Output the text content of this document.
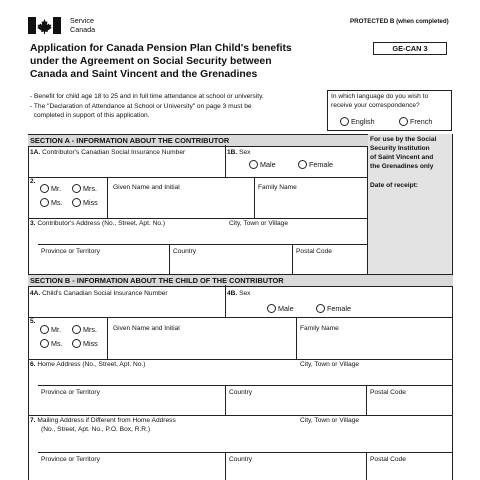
Service
Canada
PROTECTED B (when completed)
GE-CAN 3
Application for Canada Pension Plan Child's benefits
under the Agreement on Social Security between
Canada and Saint Vincent and the Grenadines
- Benefit for child age 18 to 25 and in full time attendance at school or university.
- The "Declaration of Attendance at School or University" on page 3 must be
completed in support of this application.
In which language do you wish to
receive your correspondence?
English	French
For use by the Social
Security Institution
of Saint Vincent and
the Grenadines only
Date of receipt:
SECTION A - INFORMATION ABOUT THE CONTRIBUTOR
1A. Contributor's Canadian Social Insurance Number	1B. Sex
Male	Female
2.
Mr.	Mrs.
Ms.	Miss
Given Name and Initial	Family Name
3. Contributor's Address (No., Street, Apt. No.)	City, Town or Village
Province or Territory	Country	Postal Code
SECTION B - INFORMATION ABOUT THE CHILD OF THE CONTRIBUTOR
4A. Child's Canadian Social Insurance Number	4B. Sex
Male	Female
5.
Mr.	Mrs.
Ms.	Miss
Given Name and Initial	Family Name
6. Home Address (No., Street, Apt. No.)	City, Town or Village
Province or Territory	Country	Postal Code
7. Mailing Address if Different from Home Address
(No., Street, Apt. No., P.O. Box, R.R.)
City, Town or Village
Province or Territory	Country	Postal Code
